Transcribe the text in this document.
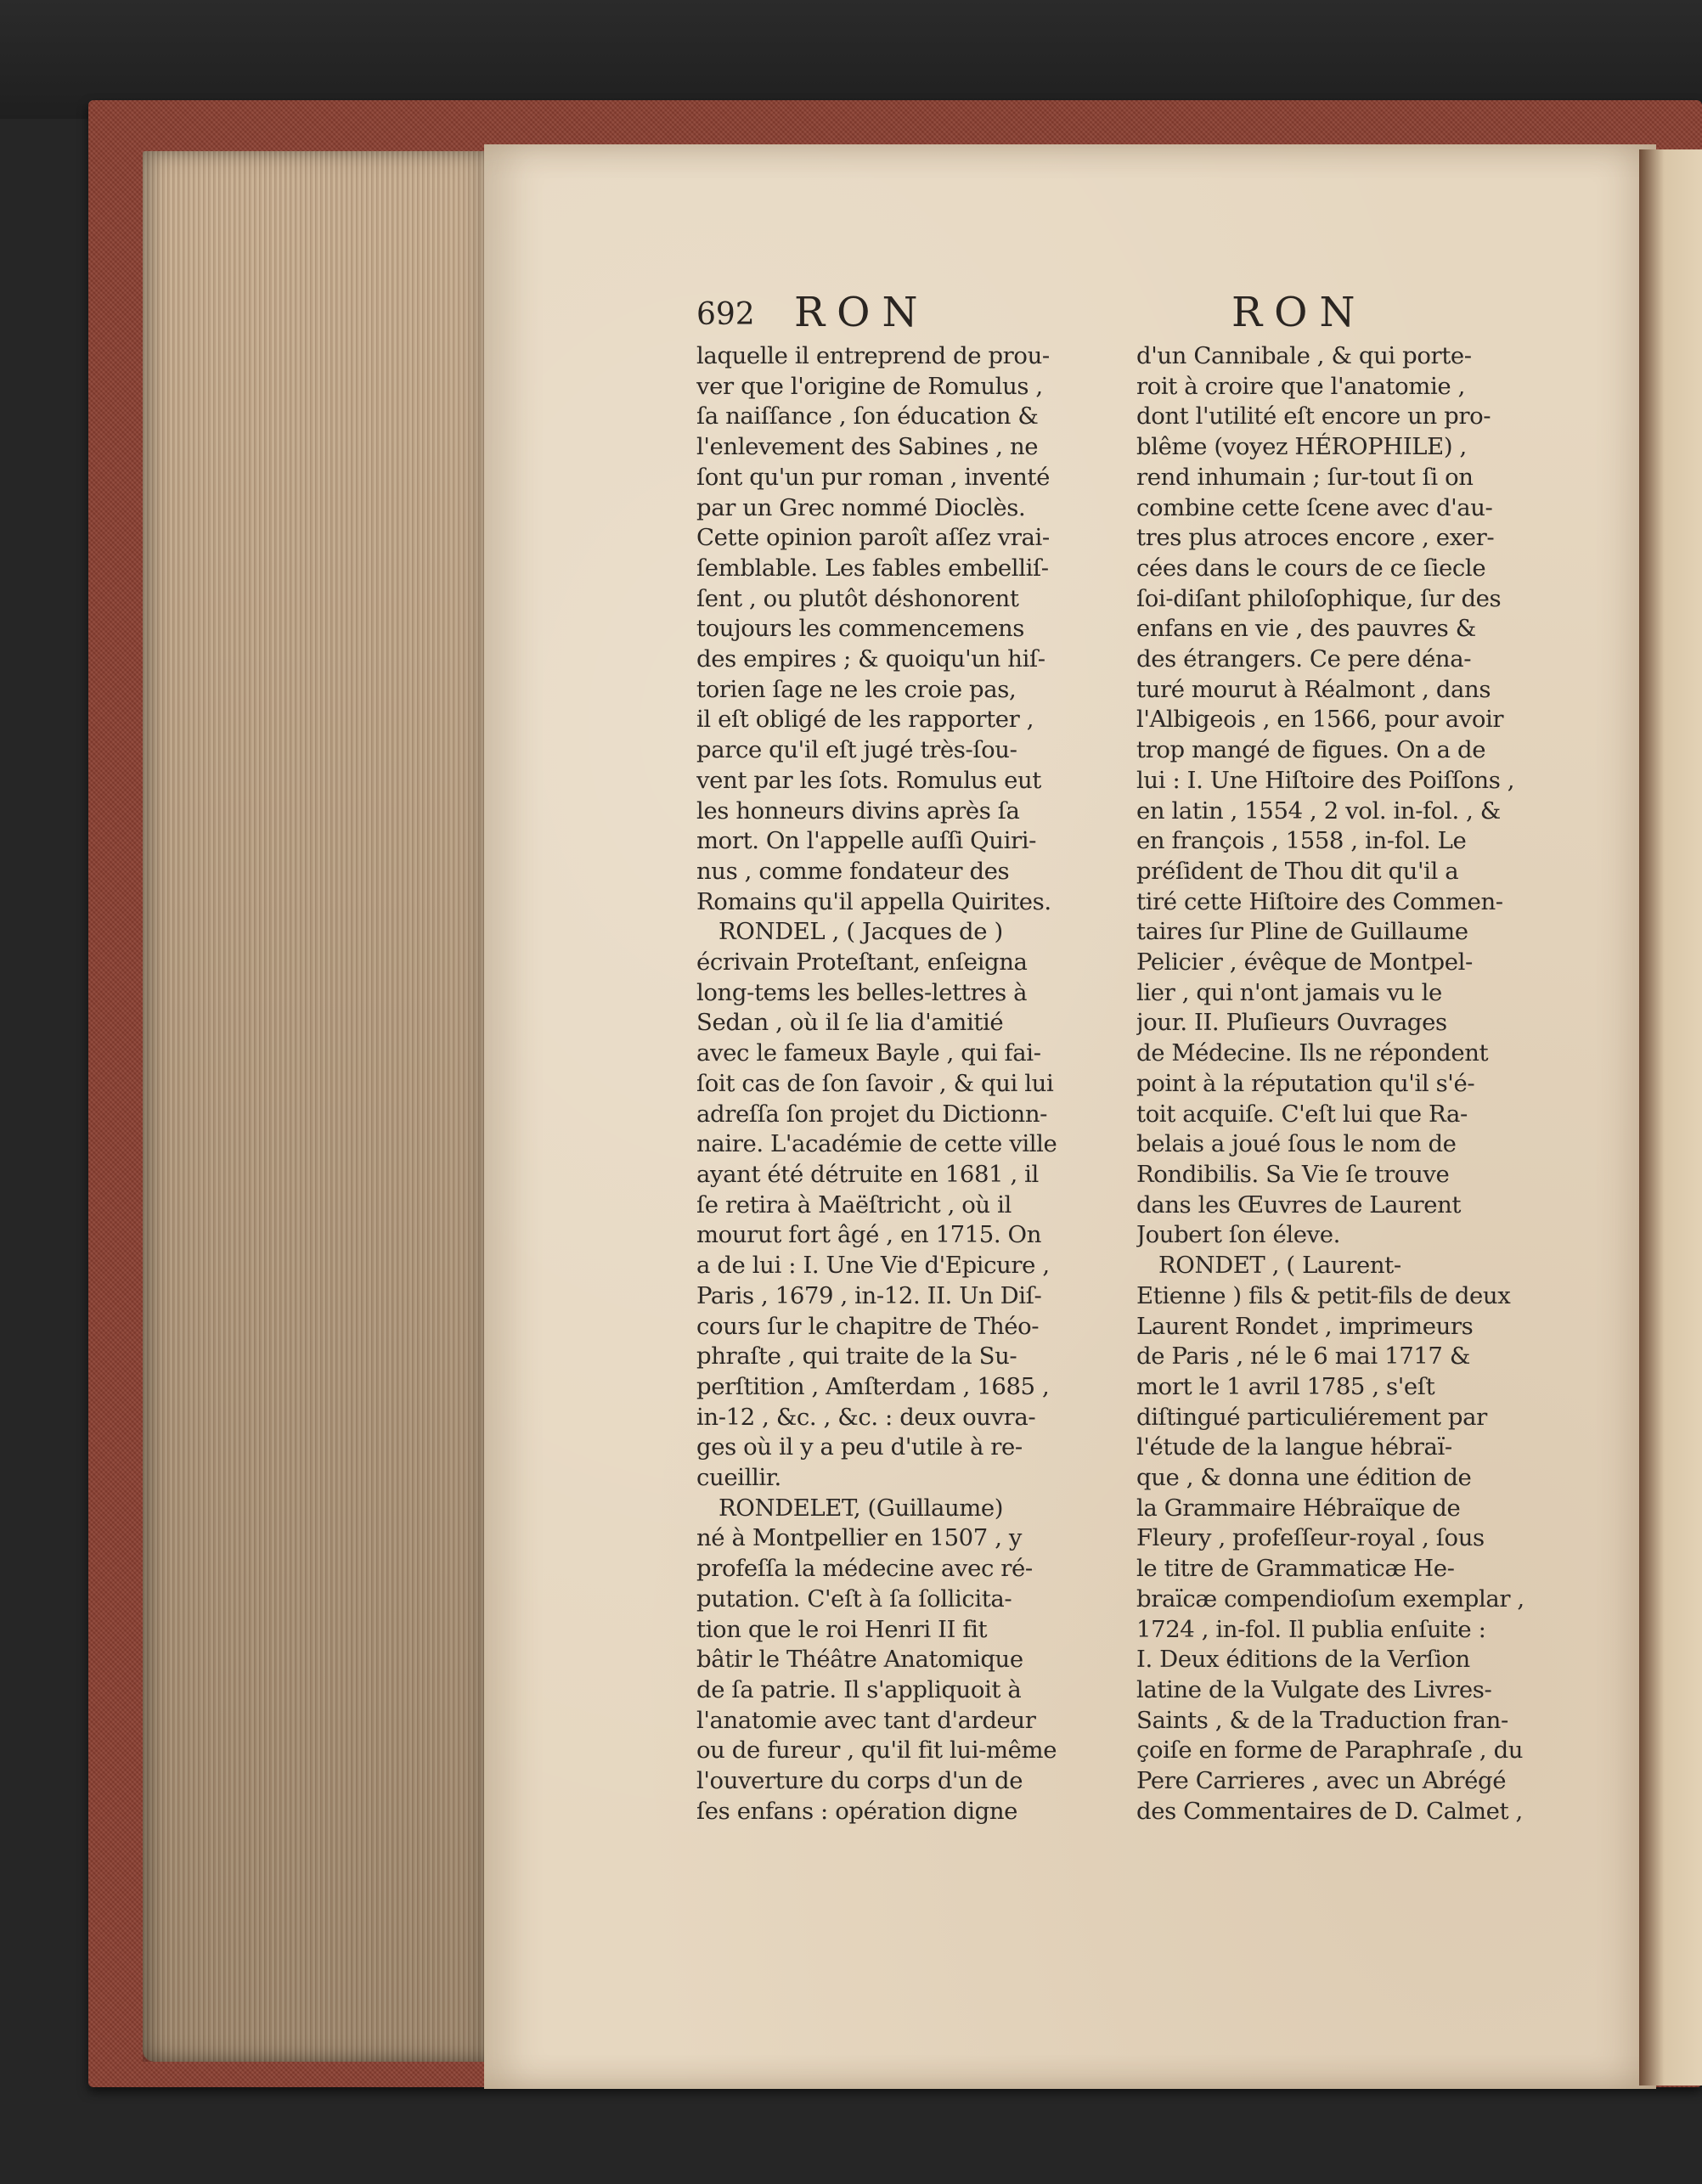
692 RON	RON
laquelle il entreprend de prou-
ver que l'origine de Romulus ,
ſa naiſſance , ſon éducation &
l'enlevement des Sabines , ne
ſont qu'un pur roman , inventé
par un Grec nommé Dioclès.
Cette opinion paroît aſſez vrai-
ſemblable. Les fables embelliſ-
ſent , ou plutôt déshonorent
toujours les commencemens
des empires ; & quoiqu'un hiſ-
torien ſage ne les croie pas,
il eſt obligé de les rapporter ,
parce qu'il eſt jugé très-ſou-
vent par les ſots. Romulus eut
les honneurs divins après ſa
mort. On l'appelle auſſi Quiri-
nus , comme fondateur des
Romains qu'il appella Quirites.
RONDEL , ( Jacques de )
écrivain Proteſtant, enſeigna
long-tems les belles-lettres à
Sedan , où il ſe lia d'amitié
avec le fameux Bayle , qui fai-
ſoit cas de ſon ſavoir , & qui lui
adreſſa ſon projet du Dictionn-
naire. L'académie de cette ville
ayant été détruite en 1681 , il
ſe retira à Maëſtricht , où il
mourut fort âgé , en 1715. On
a de lui : I. Une Vie d'Epicure ,
Paris , 1679 , in-12. II. Un Diſ-
cours ſur le chapitre de Théo-
phraſte , qui traite de la Su-
perſtition , Amſterdam , 1685 ,
in-12 , &c. , &c. : deux ouvra-
ges où il y a peu d'utile à re-
cueillir.
RONDELET, (Guillaume)
né à Montpellier en 1507 , y
profeſſa la médecine avec ré-
putation. C'eſt à ſa ſollicita-
tion que le roi Henri II fit
bâtir le Théâtre Anatomique
de ſa patrie. Il s'appliquoit à
l'anatomie avec tant d'ardeur
ou de fureur , qu'il fit lui-même
l'ouverture du corps d'un de
ſes enfans : opération digne
d'un Cannibale , & qui porte-
roit à croire que l'anatomie ,
dont l'utilité eſt encore un pro-
blême (voyez HÉROPHILE) ,
rend inhumain ; ſur-tout ſi on
combine cette ſcene avec d'au-
tres plus atroces encore , exer-
cées dans le cours de ce ſiecle
ſoi-diſant philoſophique, ſur des
enfans en vie , des pauvres &
des étrangers. Ce pere déna-
turé mourut à Réalmont , dans
l'Albigeois , en 1566, pour avoir
trop mangé de figues. On a de
lui : I. Une Hiſtoire des Poiſſons ,
en latin , 1554 , 2 vol. in-fol. , &
en françois , 1558 , in-fol. Le
préſident de Thou dit qu'il a
tiré cette Hiſtoire des Commen-
taires ſur Pline de Guillaume
Pelicier , évêque de Montpel-
lier , qui n'ont jamais vu le
jour. II. Pluſieurs Ouvrages
de Médecine. Ils ne répondent
point à la réputation qu'il s'é-
toit acquiſe. C'eſt lui que Ra-
belais a joué ſous le nom de
Rondibilis. Sa Vie ſe trouve
dans les Œuvres de Laurent
Joubert ſon éleve.
RONDET , ( Laurent-
Etienne ) fils & petit-fils de deux
Laurent Rondet , imprimeurs
de Paris , né le 6 mai 1717 &
mort le 1 avril 1785 , s'eſt
diſtingué particuliérement par
l'étude de la langue hébraï-
que , & donna une édition de
la Grammaire Hébraïque de
Fleury , profeſſeur-royal , ſous
le titre de Grammaticæ He-
braïcæ compendioſum exemplar ,
1724 , in-fol. Il publia enſuite :
I. Deux éditions de la Verſion
latine de la Vulgate des Livres-
Saints , & de la Traduction fran-
çoiſe en forme de Paraphraſe , du
Pere Carrieres , avec un Abrégé
des Commentaires de D. Calmet ,
